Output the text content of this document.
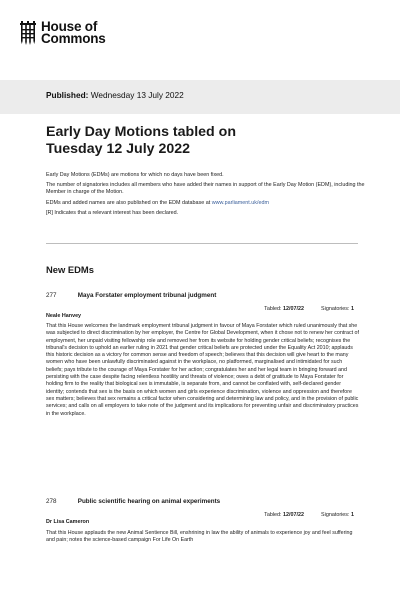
House of
Commons
Published: Wednesday 13 July 2022
Early Day Motions tabled on
Tuesday 12 July 2022

Early Day Motions (EDMs) are motions for which no days have been fixed.

The number of signatories includes all members who have added their names in support of the Early Day Motion (EDM), including the Member in charge of the Motion.

EDMs and added names are also published on the EDM database at www.parliament.uk/edm

[R] Indicates that a relevant interest has been declared.

New EDMs
277	Maya Forstater employment tribunal judgment
Tabled: 12/07/22	Signatories: 1
Neale Hanvey
That this House welcomes the landmark employment tribunal judgment in favour of Maya Forstater which ruled unanimously that she was subjected to direct discrimination by her employer, the Centre for Global Development, when it chose not to renew her contract of employment, her unpaid visiting fellowship role and removed her from its website for holding gender critical beliefs; recognises the tribunal's decision to uphold an earlier ruling in 2021 that gender critical beliefs are protected under the Equality Act 2010; applauds this historic decision as a victory for common sense and freedom of speech; believes that this decision will give heart to the many women who have been unlawfully discriminated against in the workplace, no platformed, marginalised and intimidated for such beliefs; pays tribute to the courage of Maya Forstater for her action; congratulates her and her legal team in bringing forward and persisting with the case despite facing relentless hostility and threats of violence; owes a debt of gratitude to Maya Forstater for holding firm to the reality that biological sex is immutable, is separate from, and cannot be conflated with, self-declared gender identity; contends that sex is the basis on which women and girls experience discrimination, violence and oppression and therefore sex matters; believes that sex remains a critical factor when considering and determining law and policy, and in the provision of public services; and calls on all employers to take note of the judgment and its implications for preventing unfair and discriminatory practices in the workplace.
278	Public scientific hearing on animal experiments
Tabled: 12/07/22	Signatories: 1
Dr Lisa Cameron
That this House applauds the new Animal Sentience Bill, enshrining in law the ability of animals to experience joy and feel suffering and pain; notes the science-based campaign For Life On Earth
